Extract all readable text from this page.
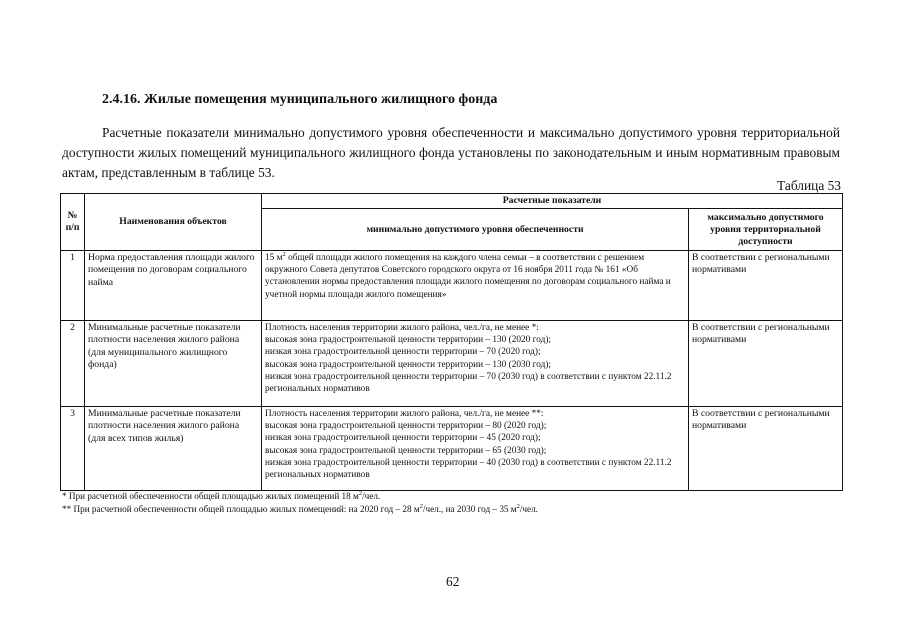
2.4.16. Жилые помещения муниципального жилищного фонда
Расчетные показатели минимально допустимого уровня обеспеченности и максимально допустимого уровня территориальной доступности жилых помещений муниципального жилищного фонда установлены по законодательным и иным нормативным правовым актам, представленным в таблице 53.
Таблица 53
№ п/п	Наименования объектов	Расчетные показатели	
		минимально допустимого уровня обеспеченности	максимально допустимого уровня территориальной доступности
1	Норма предоставления площади жилого помещения по договорам социального найма	15 $м^2$ общей площади жилого помещения на каждого члена семьи – в соответствии с решением окружного Совета депутатов Советского городского округа от 16 ноября 2011 года № 161 «Об установлении нормы предоставления площади жилого помещения по договорам социального найма и учетной нормы площади жилого помещения»	В соответствии с региональными нормативами
2	Минимальные расчетные показатели плотности населения жилого района (для муниципального жилищного фонда)	Плотность населения территории жилого района, чел./га, не менее *:
высокая зона градостроительной ценности территории – 130 (2020 год);
низкая зона градостроительной ценности территории – 70 (2020 год);
высокая зона градостроительной ценности территории – 130 (2030 год);
низкая зона градостроительной ценности территории – 70 (2030 год) в соответствии с пунктом 22.11.2 региональных нормативов	В соответствии с региональными нормативами
3	Минимальные расчетные показатели плотности населения жилого района (для всех типов жилья)	Плотность населения территории жилого района, чел./га, не менее **:
высокая зона градостроительной ценности территории – 80 (2020 год);
низкая зона градостроительной ценности территории – 45 (2020 год);
высокая зона градостроительной ценности территории – 65 (2030 год);
низкая зона градостроительной ценности территории – 40 (2030 год) в соответствии с пунктом 22.11.2 региональных нормативов	В соответствии с региональными нормативами
* При расчетной обеспеченности общей площадью жилых помещений 18 $м^2$/чел.
** При расчетной обеспеченности общей площадью жилых помещений: на 2020 год – 28 $м^2$/чел., на 2030 год – 35 $м^2$/чел.
62
